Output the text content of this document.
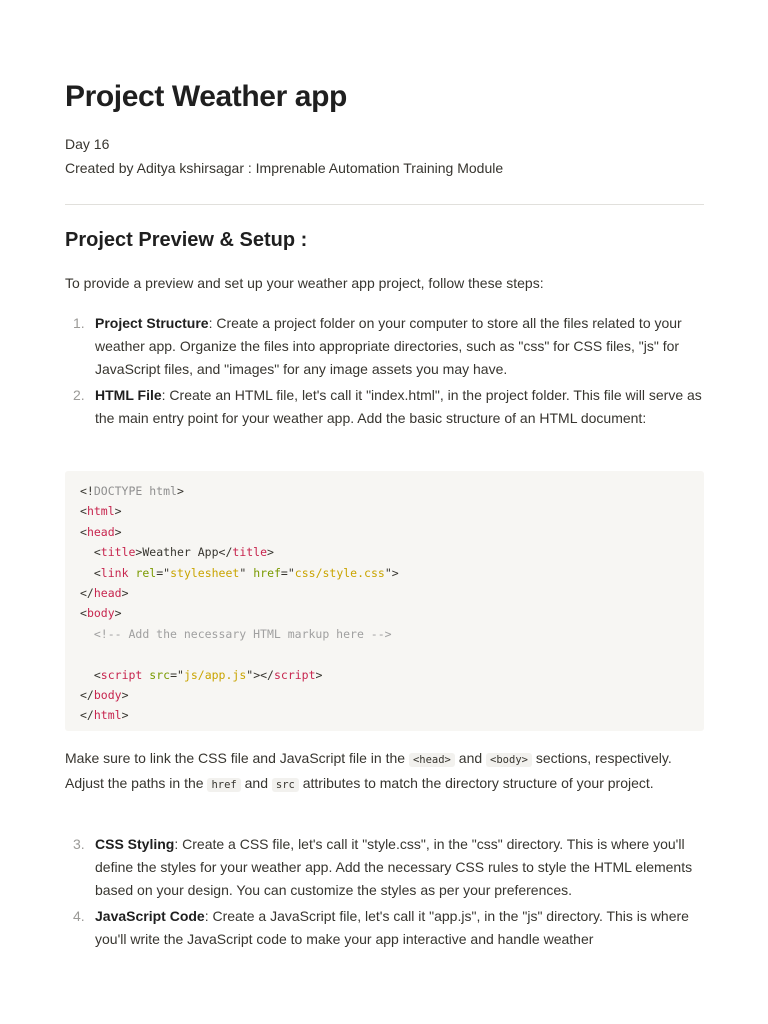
Project Weather app
Day 16
Created by Aditya kshirsagar : Imprenable Automation Training Module
Project Preview & Setup :
To provide a preview and set up your weather app project, follow these steps:
1. Project Structure: Create a project folder on your computer to store all the files related to your weather app. Organize the files into appropriate directories, such as "css" for CSS files, "js" for JavaScript files, and "images" for any image assets you may have.
2. HTML File: Create an HTML file, let's call it "index.html", in the project folder. This file will serve as the main entry point for your weather app. Add the basic structure of an HTML document:
<!DOCTYPE html>
<html>
<head>
<title>Weather App</title>
<link rel="stylesheet" href="css/style.css">
</head>
<body>
<!-- Add the necessary HTML markup here -->

<script src="js/app.js"></script>
</body>
</html>
Make sure to link the CSS file and JavaScript file in the <head> and <body> sections, respectively. Adjust the paths in the href and src attributes to match the directory structure of your project.
3. CSS Styling: Create a CSS file, let's call it "style.css", in the "css" directory. This is where you'll define the styles for your weather app. Add the necessary CSS rules to style the HTML elements based on your design. You can customize the styles as per your preferences.
4. JavaScript Code: Create a JavaScript file, let's call it "app.js", in the "js" directory. This is where you'll write the JavaScript code to make your app interactive and handle weather
